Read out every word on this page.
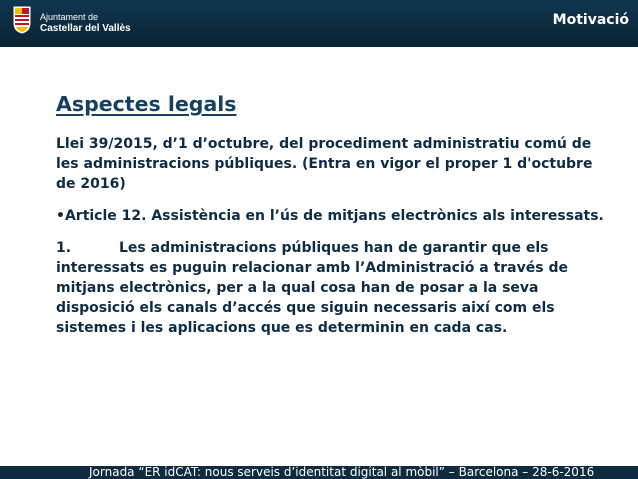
Ajuntament de
Castellar del Vallès
Motivació
Aspectes legals

Llei 39/2015, d’1 d’octubre, del procediment administratiu comú de les administracions públiques. (Entra en vigor el proper 1 d'octubre de 2016)

•Article 12. Assistència en l’ús de mitjans electrònics als interessats.

1.	Les administracions públiques han de garantir que els interessats es puguin relacionar amb l’Administració a través de mitjans electrònics, per a la qual cosa han de posar a la seva disposició els canals d’accés que siguin necessaris així com els sistemes i les aplicacions que es determinin en cada cas.

Jornada “ER idCAT: nous serveis d’identitat digital al mòbil” – Barcelona – 28-6-2016
